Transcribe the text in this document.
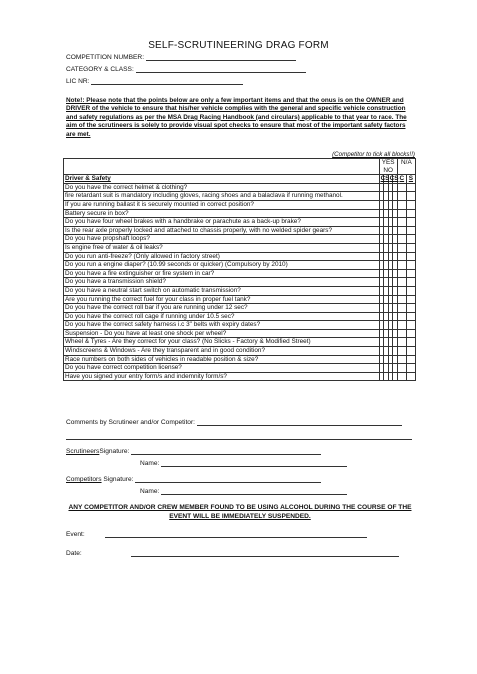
SELF-SCRUTINEERING DRAG FORM
COMPETITION NUMBER:
CATEGORY & CLASS:
LIC NR:
Note!: Please note that the points below are only a few important items and that the onus is on the OWNER and DRIVER of the vehicle to ensure that his/her vehicle complies with the general and specific vehicle construction and safety regulations as per the MSA Drag Racing Handbook (and circulars) applicable to that year to race. The aim of the scrutineers is solely to provide visual spot checks to ensure that most of the important safety factors are met.
(Competitor to tick all blocks!!)
	YES NO				N/A	
Driver & Safety	C	S	C	S	C	S
Do you have the correct helmet & clothing?						
fire retardant suit is mandatory including gloves, racing shoes and a balaclava if running methanol.						
If you are running ballast it is securely mounted in correct position?						
Battery secure in box?						
Do you have four wheel brakes with a handbrake or parachute as a back-up brake?						
Is the rear axle properly locked and attached to chassis properly, with no welded spider gears?						
Do you have propshaft loops?						
Is engine free of water & oil leaks?						
Do you run anti-freeze? (Only allowed in factory street)						
Do you run a engine diaper? (10.99 seconds or quicker) (Compulsory by 2010)						
Do you have a fire extinguisher or fire system in car?						
Do you have a transmission shield?						
Do you have a neutral start switch on automatic transmission?						
Are you running the correct fuel for your class in proper fuel tank?						
Do you have the correct roll bar if you are running under 12 sec?						
Do you have the correct roll cage if running under 10.5 sec?						
Do you have the correct safety harness i.c 3" belts with expiry dates?						
Suspension - Do you have at least one shock per wheel?						
Wheel & Tyres - Are they correct for your class? (No Slicks - Factory & Modified Street)						
Windscreens & Windows - Are they transparent and in good condition?						
Race numbers on both sides of vehicles in readable position & size?						
Do you have correct competition license?						
Have you signed your entry form/s and indemnity form/s?						
Comments by Scrutineer and/or Competitor:
ScrutineersSignature:
Name:
Competitors Signature:
Name:
ANY COMPETITOR AND/OR CREW MEMBER FOUND TO BE USING ALCOHOL DURING THE COURSE OF THE EVENT WILL BE IMMEDIATELY SUSPENDED.
Event:
Date:
